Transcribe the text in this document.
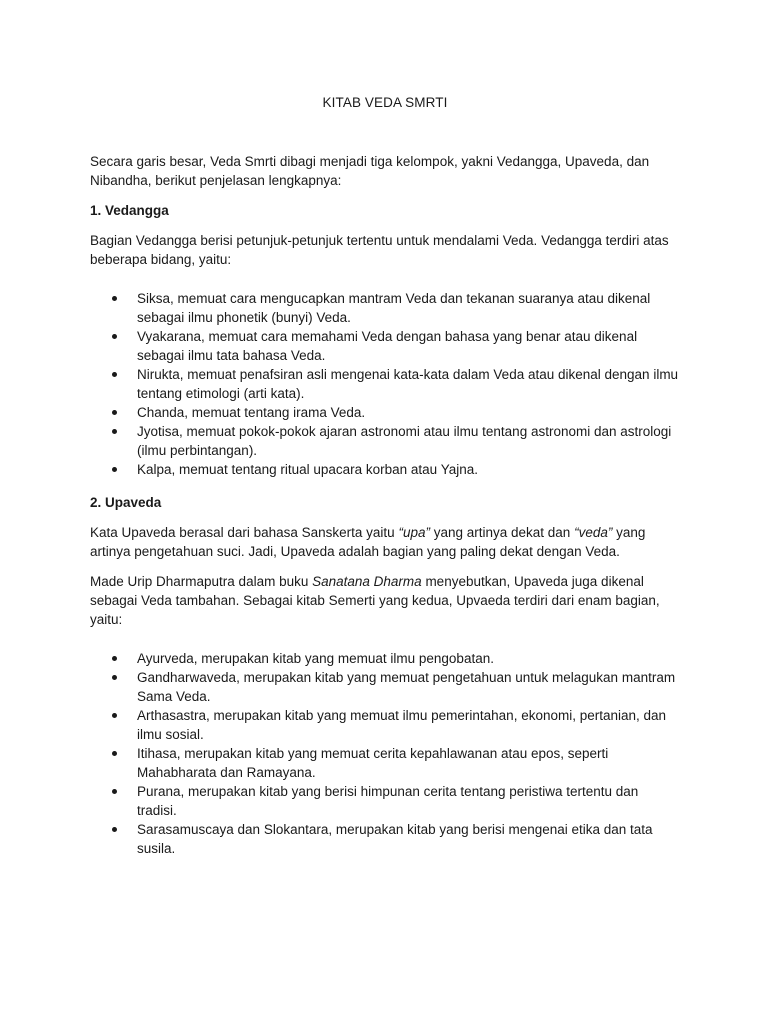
KITAB VEDA SMRTI

Secara garis besar, Veda Smrti dibagi menjadi tiga kelompok, yakni Vedangga, Upaveda, dan Nibandha, berikut penjelasan lengkapnya:

1. Vedangga

Bagian Vedangga berisi petunjuk-petunjuk tertentu untuk mendalami Veda. Vedangga terdiri atas beberapa bidang, yaitu:

Siksa, memuat cara mengucapkan mantram Veda dan tekanan suaranya atau dikenal sebagai ilmu phonetik (bunyi) Veda.
Vyakarana, memuat cara memahami Veda dengan bahasa yang benar atau dikenal sebagai ilmu tata bahasa Veda.
Nirukta, memuat penafsiran asli mengenai kata-kata dalam Veda atau dikenal dengan ilmu tentang etimologi (arti kata).
Chanda, memuat tentang irama Veda.
Jyotisa, memuat pokok-pokok ajaran astronomi atau ilmu tentang astronomi dan astrologi (ilmu perbintangan).
Kalpa, memuat tentang ritual upacara korban atau Yajna.
2. Upaveda

Kata Upaveda berasal dari bahasa Sanskerta yaitu “upa” yang artinya dekat dan “veda” yang artinya pengetahuan suci. Jadi, Upaveda adalah bagian yang paling dekat dengan Veda.

Made Urip Dharmaputra dalam buku Sanatana Dharma menyebutkan, Upaveda juga dikenal sebagai Veda tambahan. Sebagai kitab Semerti yang kedua, Upvaeda terdiri dari enam bagian, yaitu:

Ayurveda, merupakan kitab yang memuat ilmu pengobatan.
Gandharwaveda, merupakan kitab yang memuat pengetahuan untuk melagukan mantram Sama Veda.
Arthasastra, merupakan kitab yang memuat ilmu pemerintahan, ekonomi, pertanian, dan ilmu sosial.
Itihasa, merupakan kitab yang memuat cerita kepahlawanan atau epos, seperti Mahabharata dan Ramayana.
Purana, merupakan kitab yang berisi himpunan cerita tentang peristiwa tertentu dan tradisi.
Sarasamuscaya dan Slokantara, merupakan kitab yang berisi mengenai etika dan tata susila.
